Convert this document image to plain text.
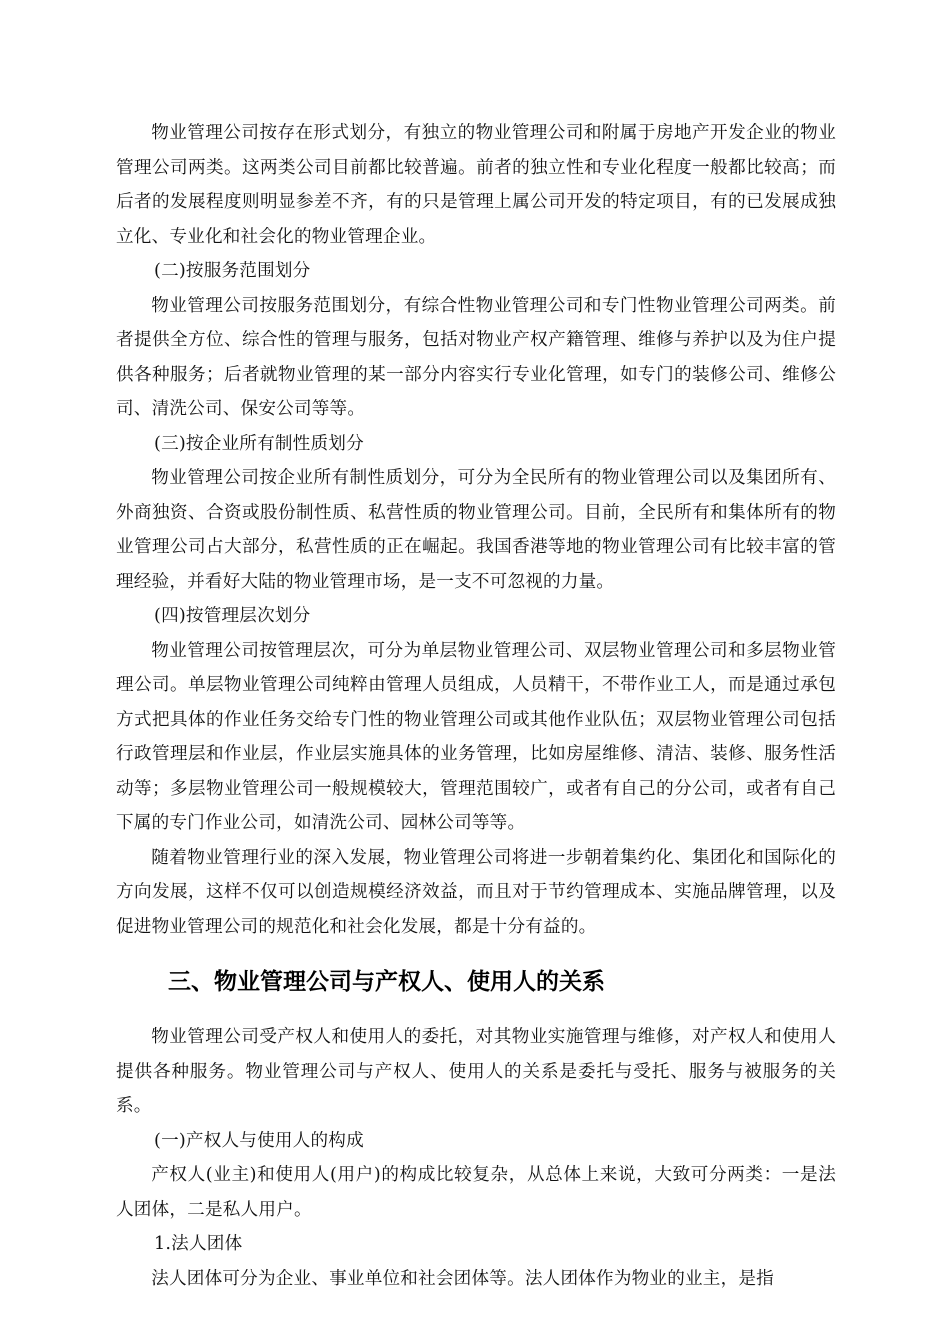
物业管理公司按存在形式划分，有独立的物业管理公司和附属于房地产开发企业的物业管理公司两类。这两类公司目前都比较普遍。前者的独立性和专业化程度一般都比较高；而后者的发展程度则明显参差不齐，有的只是管理上属公司开发的特定项目，有的已发展成独立化、专业化和社会化的物业管理企业。

(二)按服务范围划分

物业管理公司按服务范围划分，有综合性物业管理公司和专门性物业管理公司两类。前者提供全方位、综合性的管理与服务，包括对物业产权产籍管理、维修与养护以及为住户提供各种服务；后者就物业管理的某一部分内容实行专业化管理，如专门的装修公司、维修公司、清洗公司、保安公司等等。

(三)按企业所有制性质划分

物业管理公司按企业所有制性质划分，可分为全民所有的物业管理公司以及集团所有、外商独资、合资或股份制性质、私营性质的物业管理公司。目前，全民所有和集体所有的物业管理公司占大部分，私营性质的正在崛起。我国香港等地的物业管理公司有比较丰富的管理经验，并看好大陆的物业管理市场，是一支不可忽视的力量。

(四)按管理层次划分

物业管理公司按管理层次，可分为单层物业管理公司、双层物业管理公司和多层物业管理公司。单层物业管理公司纯粹由管理人员组成，人员精干，不带作业工人，而是通过承包方式把具体的作业任务交给专门性的物业管理公司或其他作业队伍；双层物业管理公司包括行政管理层和作业层，作业层实施具体的业务管理，比如房屋维修、清洁、装修、服务性活动等；多层物业管理公司一般规模较大，管理范围较广，或者有自己的分公司，或者有自己下属的专门作业公司，如清洗公司、园林公司等等。

随着物业管理行业的深入发展，物业管理公司将进一步朝着集约化、集团化和国际化的方向发展，这样不仅可以创造规模经济效益，而且对于节约管理成本、实施品牌管理，以及促进物业管理公司的规范化和社会化发展，都是十分有益的。

三、物业管理公司与产权人、使用人的关系

物业管理公司受产权人和使用人的委托，对其物业实施管理与维修，对产权人和使用人提供各种服务。物业管理公司与产权人、使用人的关系是委托与受托、服务与被服务的关系。

(一)产权人与使用人的构成

产权人(业主)和使用人(用户)的构成比较复杂，从总体上来说，大致可分两类：一是法人团体，二是私人用户。

1.法人团体

法人团体可分为企业、事业单位和社会团体等。法人团体作为物业的业主，是指
